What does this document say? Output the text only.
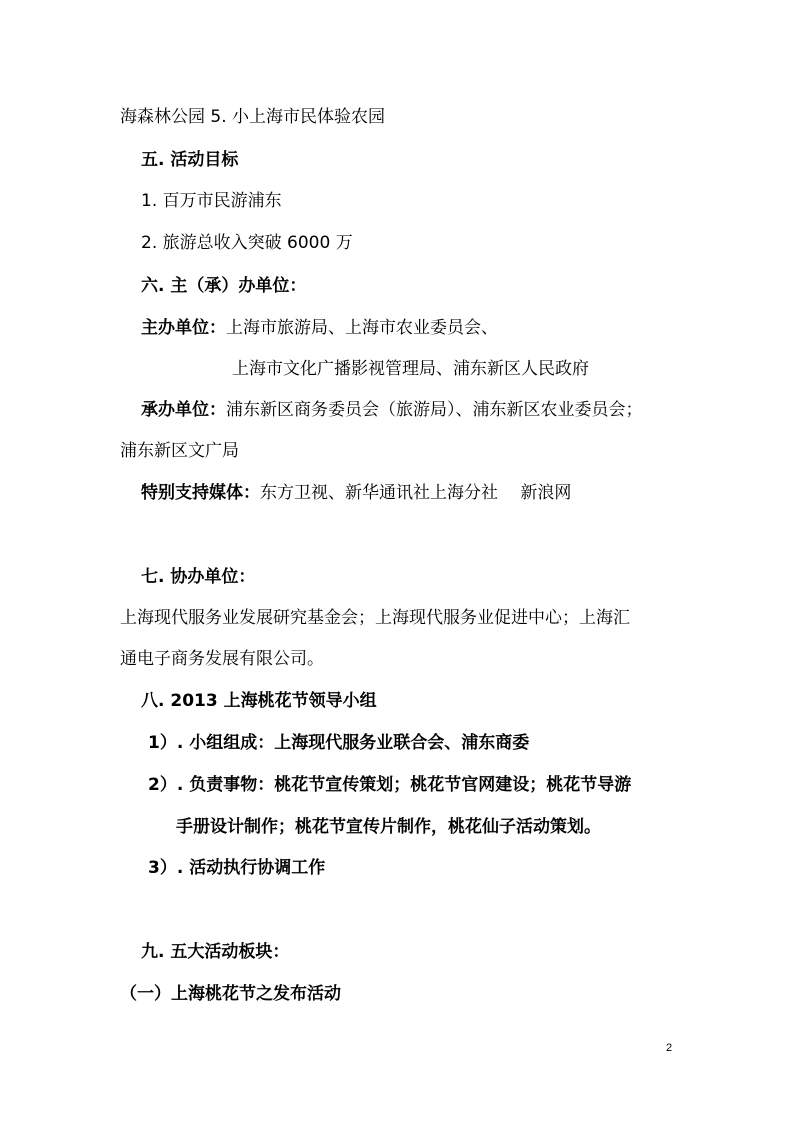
海森林公园 5. 小上海市民体验农园
五. 活动目标
1. 百万市民游浦东
2. 旅游总收入突破 6000 万
六. 主（承）办单位：
主办单位：上海市旅游局、上海市农业委员会、
上海市文化广播影视管理局、浦东新区人民政府
承办单位：浦东新区商务委员会（旅游局）、浦东新区农业委员会；
浦东新区文广局
特别支持媒体：东方卫视、新华通讯社上海分社　 新浪网
七. 协办单位：
上海现代服务业发展研究基金会；上海现代服务业促进中心；上海汇
通电子商务发展有限公司。
八. 2013 上海桃花节领导小组
1）. 小组组成：上海现代服务业联合会、浦东商委
2）. 负责事物：桃花节宣传策划；桃花节官网建设；桃花节导游
手册设计制作；桃花节宣传片制作，桃花仙子活动策划。
3）. 活动执行协调工作
九. 五大活动板块：
（一）上海桃花节之发布活动
2
